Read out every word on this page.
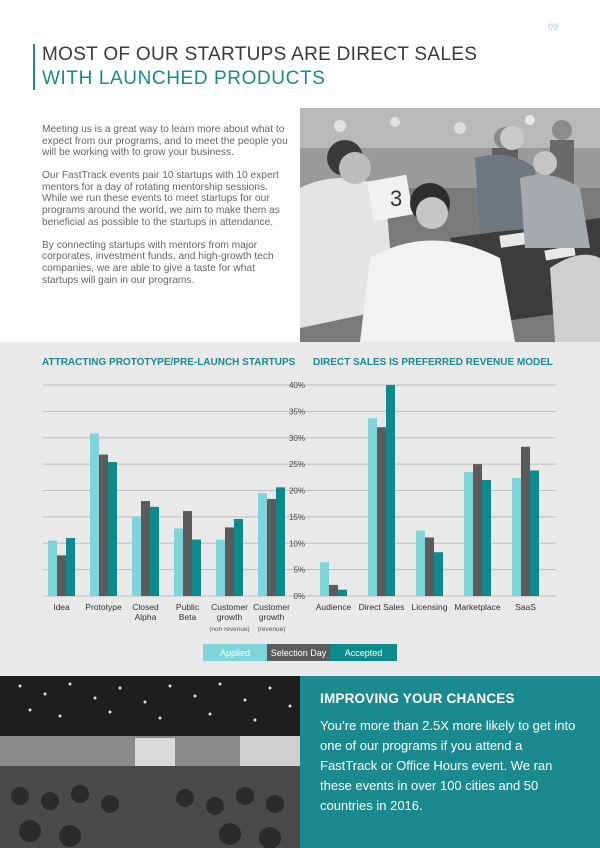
09
MOST OF OUR STARTUPS ARE DIRECT SALES
WITH LAUNCHED PRODUCTS

Meeting us is a great way to learn more about what to expect from our programs, and to meet the people you will be working with to grow your business.

Our FastTrack events pair 10 startups with 10 expert mentors for a day of rotating mentorship sessions. While we run these events to meet startups for our programs around the world, we aim to make them as beneficial as possible to the startups in attendance.

By connecting startups with mentors from major corporates, investment funds, and high-growth tech companies, we are able to give a taste for what startups will gain in our programs.

3
ATTRACTING PROTOTYPE/PRE-LAUNCH STARTUPS DIRECT SALES IS PREFERRED REVENUE MODEL
0%
5%
10%
15%
20%
25%
30%
35%
40%
Idea Prototype Closed
Alpha
Public
Beta
Customer
growth
(non revenue)
Customer
growth
(revenue)
Audience Direct Sales Licensing Marketplace SaaS
Applied Selection Day Accepted
IMPROVING YOUR CHANCES
You’re more than 2.5X more likely to get into one of our programs if you attend a FastTrack or Office Hours event. We ran these events in over 100 cities and 50 countries in 2016.
